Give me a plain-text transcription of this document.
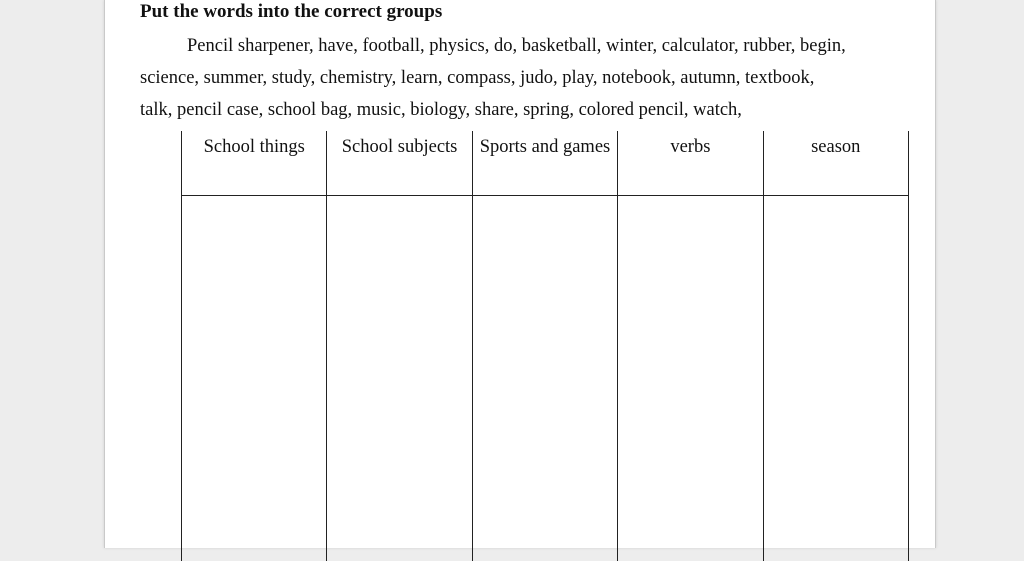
Put the words into the correct groups
Pencil sharpener, have, football, physics, do, basketball, winter, calculator, rubber, begin,
science, summer, study, chemistry, learn, compass, judo, play, notebook, autumn, textbook,
talk, pencil case, school bag, music, biology, share, spring, colored pencil, watch,
School things	School subjects	Sports and games	verbs	season
